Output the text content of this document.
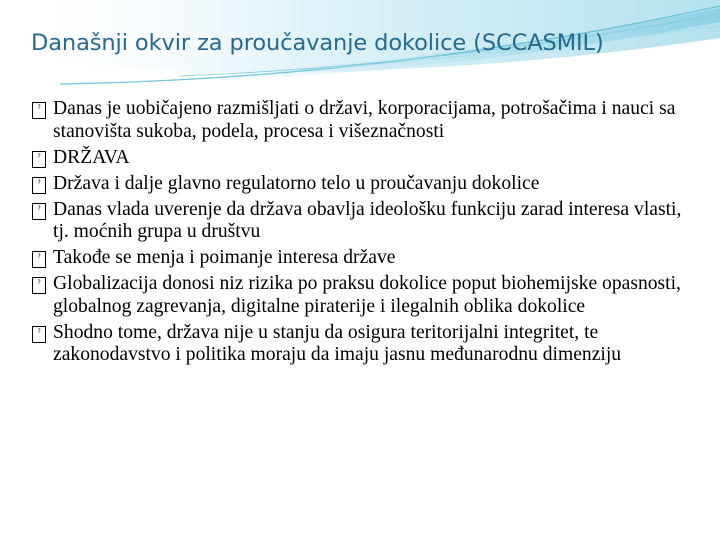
Današnji okvir za proučavanje dokolice (SCCASMIL)
? Danas je uobičajeno razmišljati o državi, korporacijama, potrošačima i nauci sa stanovišta sukoba, podela, procesa i višeznačnosti
? DRŽAVA
? Država i dalje glavno regulatorno telo u proučavanju dokolice
? Danas vlada uverenje da država obavlja ideološku funkciju zarad interesa vlasti, tj. moćnih grupa u društvu
? Takođe se menja i poimanje interesa države
? Globalizacija donosi niz rizika po praksu dokolice poput biohemijske opasnosti, globalnog zagrevanja, digitalne piraterije i ilegalnih oblika dokolice
? Shodno tome, država nije u stanju da osigura teritorijalni integritet, te zakonodavstvo i politika moraju da imaju jasnu međunarodnu dimenziju
